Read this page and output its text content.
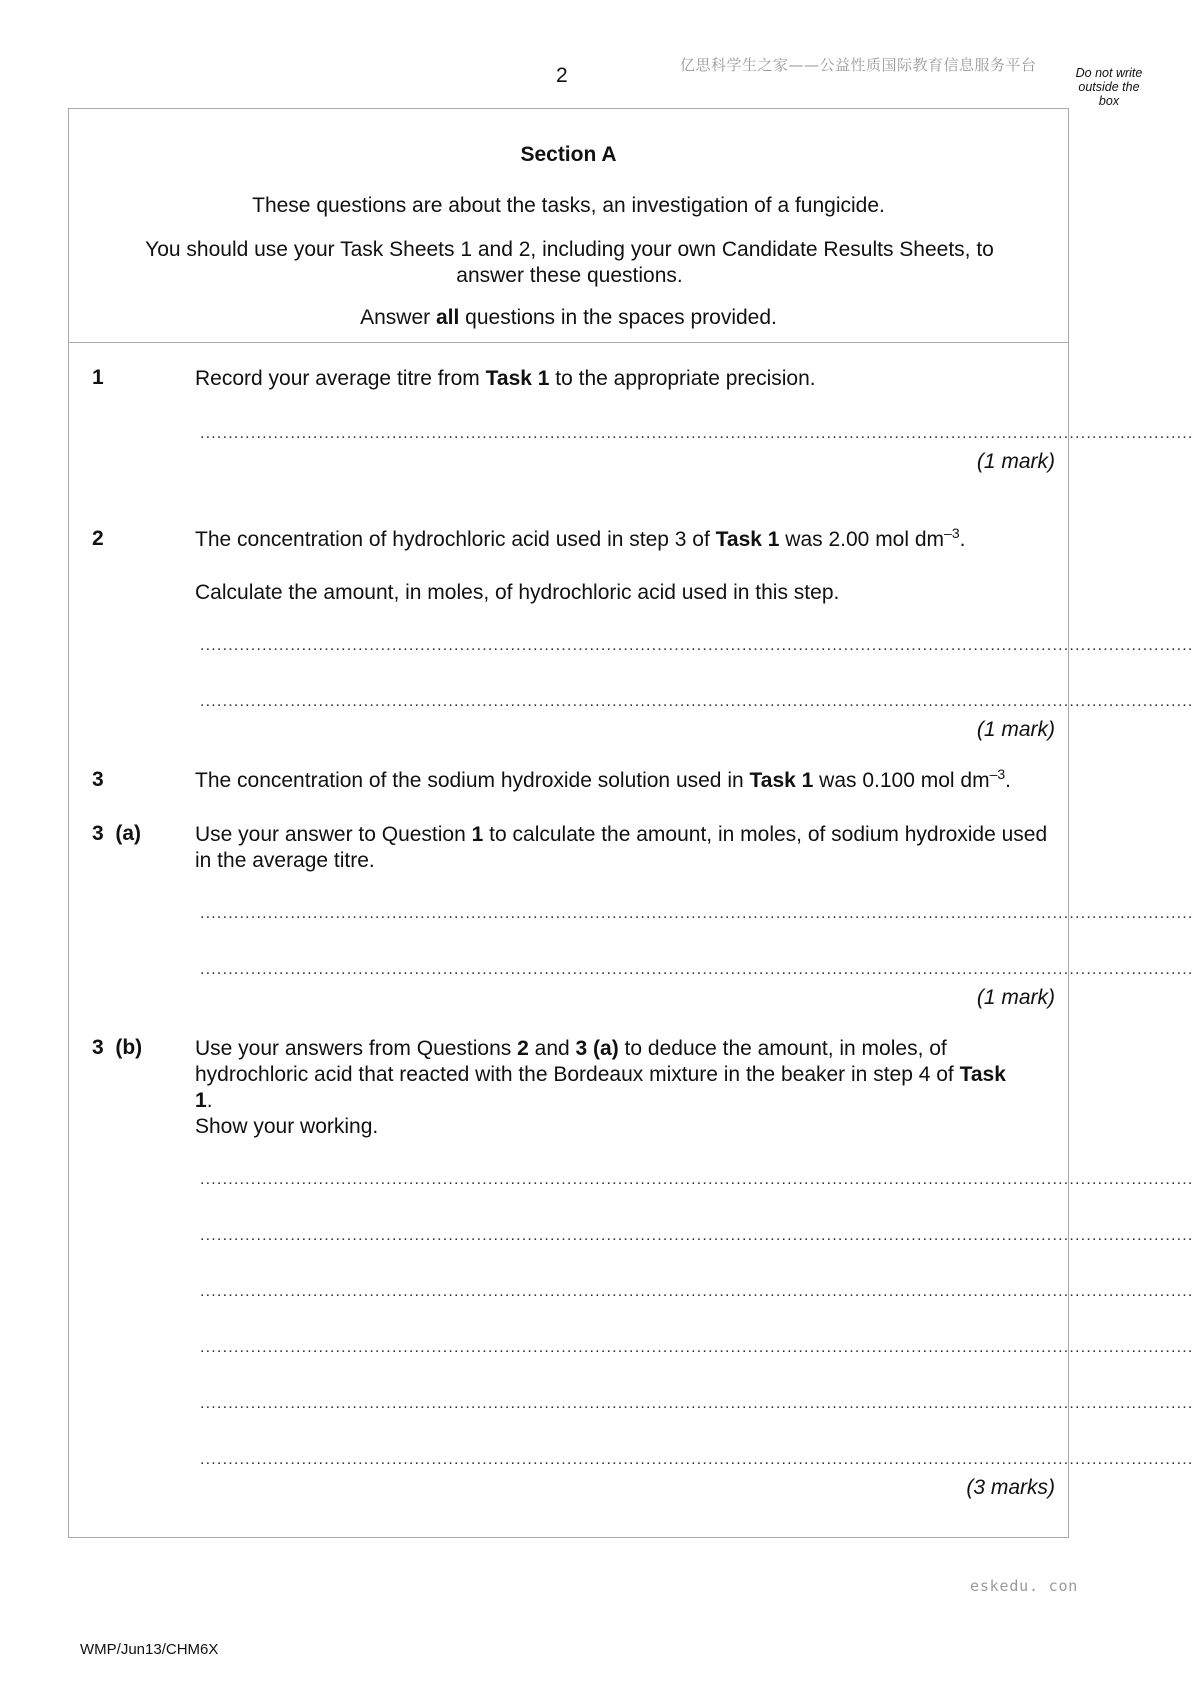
2	亿思科学生之家——公益性质国际教育信息服务平台	Do not write
outside the
box
Section A
These questions are about the tasks, an investigation of a fungicide.
You should use your Task Sheets 1 and 2, including your own Candidate Results Sheets, to answer these questions.
Answer all questions in the spaces provided.
1	Record your average titre from Task 1 to the appropriate precision.
................................................................................................................................................................................
(1 mark)
2	The concentration of hydrochloric acid used in step 3 of Task 1 was 2.00 mol $dm^{-3}$.
Calculate the amount, in moles, of hydrochloric acid used in this step.
................................................................................................................................................................................
................................................................................................................................................................................
(1 mark)
3	The concentration of the sodium hydroxide solution used in Task 1 was 0.100 mol $dm^{-3}$.
3  (a)	Use your answer to Question 1 to calculate the amount, in moles, of sodium hydroxide used in the average titre.
................................................................................................................................................................................
................................................................................................................................................................................
(1 mark)
3  (b)	Use your answers from Questions 2 and 3 (a) to deduce the amount, in moles, of hydrochloric acid that reacted with the Bordeaux mixture in the beaker in step 4 of Task 1.
Show your working.
................................................................................................................................................................................
................................................................................................................................................................................
................................................................................................................................................................................
................................................................................................................................................................................
................................................................................................................................................................................
................................................................................................................................................................................
(3 marks)
eskedu. con
WMP/Jun13/CHM6X
